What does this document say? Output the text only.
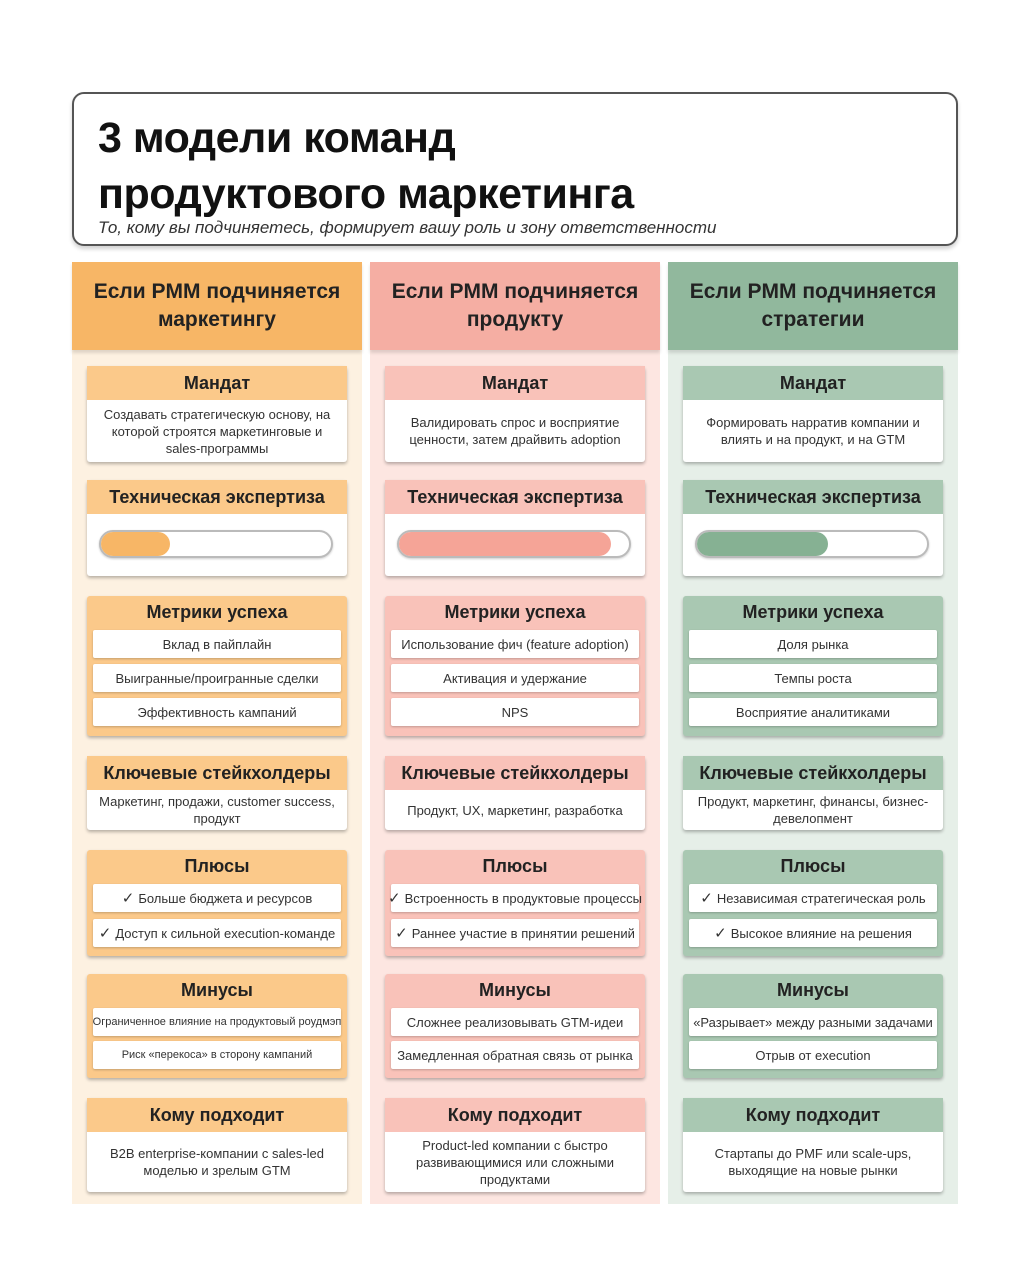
3 модели команд
продуктового маркетинга
То, кому вы подчиняетесь, формирует вашу роль и зону ответственности
Если PMM подчиняется маркетингу
Мандат
Создавать стратегическую основу, на которой строятся маркетинговые и sales-программы
Техническая экспертиза
Метрики успеха
Вклад в пайплайн
Выигранные/проигранные сделки
Эффективность кампаний
Ключевые стейкхолдеры
Маркетинг, продажи, customer success, продукт
Плюсы
✓ Больше бюджета и ресурсов
✓ Доступ к сильной execution-команде
Минусы
Ограниченное влияние на продуктовый роудмэп
Риск «перекоса» в сторону кампаний
Кому подходит
B2B enterprise-компании с sales-led моделью и зрелым GTM
Если PMM подчиняется продукту
Мандат
Валидировать спрос и восприятие ценности, затем драйвить adoption
Техническая экспертиза
Метрики успеха
Использование фич (feature adoption)
Активация и удержание
NPS
Ключевые стейкхолдеры
Продукт, UX, маркетинг, разработка
Плюсы
✓ Встроенность в продуктовые процессы
✓ Раннее участие в принятии решений
Минусы
Сложнее реализовывать GTM-идеи
Замедленная обратная связь от рынка
Кому подходит
Product-led компании с быстро развивающимися или сложными продуктами
Если PMM подчиняется стратегии
Мандат
Формировать нарратив компании и влиять и на продукт, и на GTM
Техническая экспертиза
Метрики успеха
Доля рынка
Темпы роста
Восприятие аналитиками
Ключевые стейкхолдеры
Продукт, маркетинг, финансы, бизнес-девелопмент
Плюсы
✓ Независимая стратегическая роль
✓ Высокое влияние на решения
Минусы
«Разрывает» между разными задачами
Отрыв от execution
Кому подходит
Стартапы до PMF или scale-ups, выходящие на новые рынки
